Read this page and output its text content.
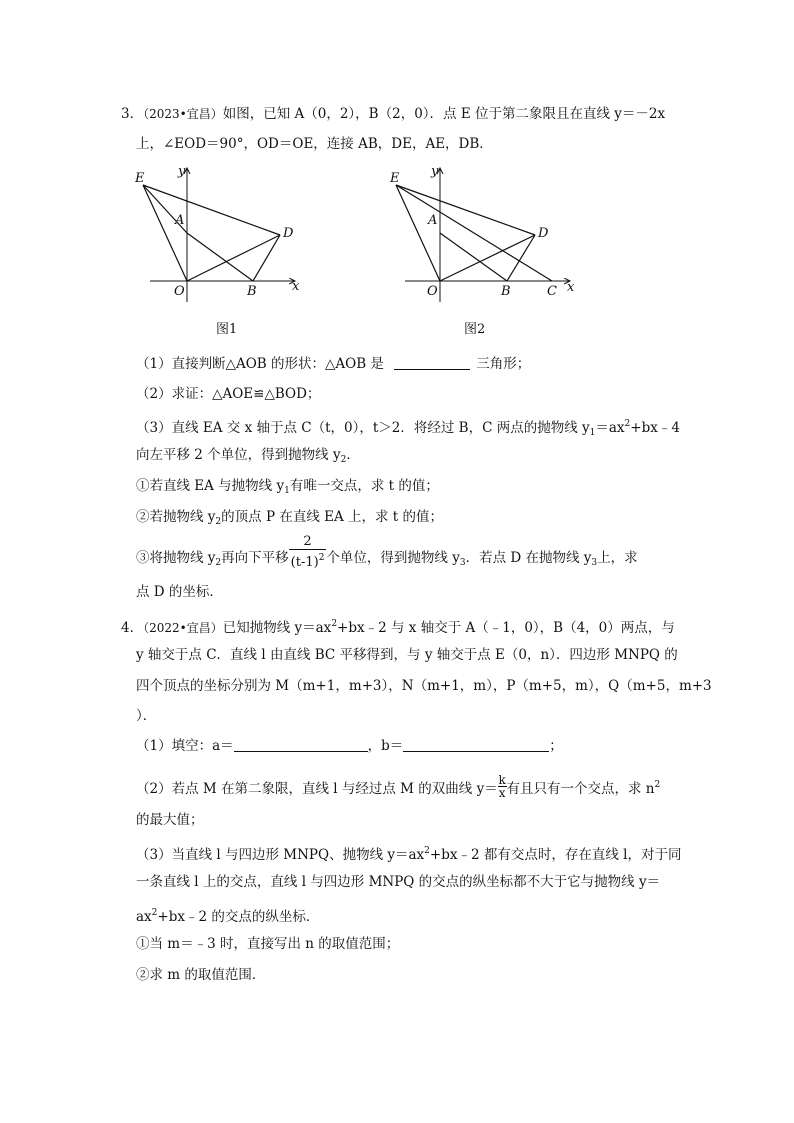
3．（2023•宜昌）如图，已知 A（0，2），B（2，0）．点 E 位于第二象限且在直线 y＝－2x
上，∠EOD＝90°，OD＝OE，连接 AB，DE，AE，DB．
E
A
D
O	B	x
y
图1
E
A
D
O	B	C x
y
图2
（1）直接判断△AOB 的形状：△AOB 是	三角形；
（2）求证：△AOE≌△BOD；
（3）直线 EA 交 x 轴于点 C（t，0），t＞2．将经过 B，C 两点的抛物线 $y_1=ax^2+bx﹣4$
向左平移 2 个单位，得到抛物线 $y_2$．
①若直线 EA 与抛物线 $y_1$有唯一交点，求 t 的值；
②若抛物线 $y_2$的顶点 P 在直线 EA 上，求 t 的值；
③将抛物线 $y_2$再向下平移 $\frac{2}{(t-1)^2}$ 个单位，得到抛物线 $y_3$．若点 D 在抛物线 $y_3$上，求
点 D 的坐标．
4．（2022•宜昌）已知抛物线 $y=ax^2+bx﹣2$ 与 x 轴交于 A（﹣1，0），B（4，0）两点，与
y 轴交于点 C．直线 l 由直线 BC 平移得到，与 y 轴交于点 E（0，n）．四边形 MNPQ 的
四个顶点的坐标分别为 M（m+1，m+3），N（m+1，m），P（m+5，m），Q（m+5，m+3
）．
（1）填空：a＝	，b＝	；
（2）若点 M 在第二象限，直线 l 与经过点 M 的双曲线 $y= \frac{k}{x}$ 有且只有一个交点，求 $n^2$
的最大值；
（3）当直线 l 与四边形 MNPQ、抛物线 $y=ax^2+bx﹣2$ 都有交点时，存在直线 l，对于同
一条直线 l 上的交点，直线 l 与四边形 MNPQ 的交点的纵坐标都不大于它与抛物线 y＝
$ax^2+bx﹣2$ 的交点的纵坐标．
①当 m＝﹣3 时，直接写出 n 的取值范围；
②求 m 的取值范围．
